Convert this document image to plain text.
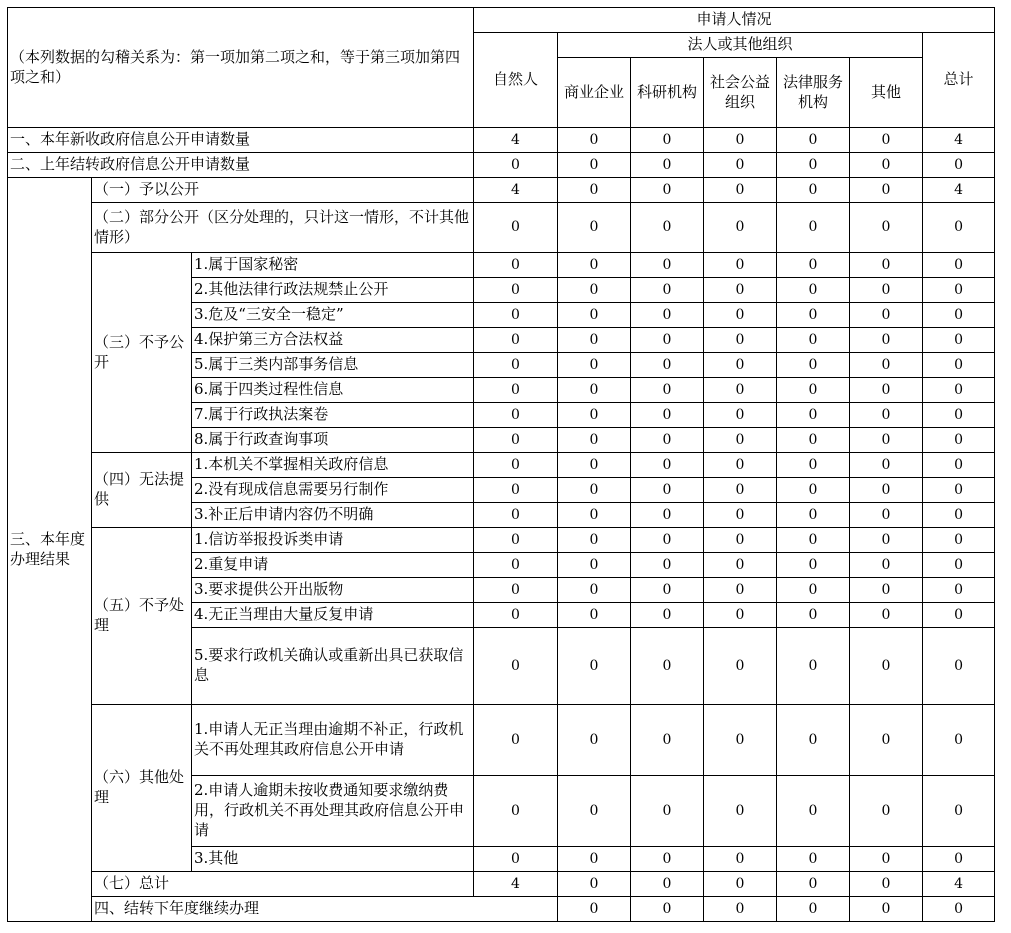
（本列数据的勾稽关系为：第一项加第二项之和，等于第三项加第四项之和）			申请人情况							
			自然人	法人或其他组织					总计	
				商业企业	科研机构	社会公益组织	法律服务机构	其他		
一、本年新收政府信息公开申请数量			4	0	0	0	0	0	4	
二、上年结转政府信息公开申请数量			0	0	0	0	0	0	0	
三、本年度办理结果	（一）予以公开		4	0	0	0	0	0	4	
	（二）部分公开（区分处理的，只计这一情形，不计其他情形）		0	0	0	0	0	0	0	
	（三）不予公开	1.属于国家秘密	0	0	0	0	0	0	0	
		2.其他法律行政法规禁止公开	0	0	0	0	0	0	0	
		3.危及“三安全一稳定”	0	0	0	0	0	0	0	
		4.保护第三方合法权益	0	0	0	0	0	0	0	
		5.属于三类内部事务信息	0	0	0	0	0	0	0	
		6.属于四类过程性信息	0	0	0	0	0	0	0	
		7.属于行政执法案卷	0	0	0	0	0	0	0	
		8.属于行政查询事项	0	0	0	0	0	0	0	
	（四）无法提供	1.本机关不掌握相关政府信息	0	0	0	0	0	0	0	
		2.没有现成信息需要另行制作	0	0	0	0	0	0	0	
		3.补正后申请内容仍不明确	0	0	0	0	0	0	0	
	（五）不予处理	1.信访举报投诉类申请	0	0	0	0	0	0	0	
		2.重复申请	0	0	0	0	0	0	0	
		3.要求提供公开出版物	0	0	0	0	0	0	0	
		4.无正当理由大量反复申请	0	0	0	0	0	0	0	
		5.要求行政机关确认或重新出具已获取信息	0	0	0	0	0	0	0	
	（六）其他处理	1.申请人无正当理由逾期不补正，行政机关不再处理其政府信息公开申请	0	0	0	0	0	0	0	
		2.申请人逾期未按收费通知要求缴纳费用，行政机关不再处理其政府信息公开申请	0	0	0	0	0	0	0	
		3.其他	0	0	0	0	0	0	0	
	（七）总计		4	0	0	0	0	0	4	
	四、结转下年度继续办理			0	0	0	0	0	0	
